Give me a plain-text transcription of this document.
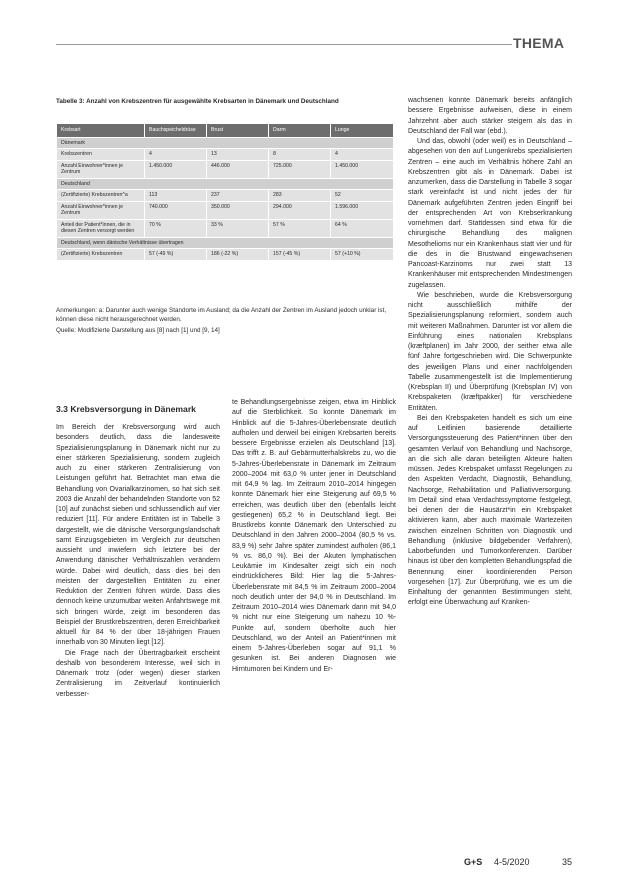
THEMA
Tabelle 3: Anzahl von Krebszentren für ausgewählte Krebsarten in Dänemark und Deutschland
Krebsart	Bauchspeicheldrüse	Brust	Darm	Lunge
Dänemark				
Krebszentren	4	13	8	4
Anzahl Einwohner*innen je Zentrum	1.450.000	446.000	725.000	1.450.000
Deutschland				
(Zertifizierte) Krebszentren^a	113	237	283	52
Anzahl Einwohner*innen je Zentrum	740.000	350.000	294.000	1.596.000
Anteil der Patient*innen, die in diesen Zentren versorgt werden	70 %	33 %	57 %	64 %
Deutschland, wenn dänische Verhältnisse übertragen				
(Zertifizierte) Krebszentren	57 (-49 %)	186 (-22 %)	157 (-45 %)	57 (+10 %)
Anmerkungen: a: Darunter auch wenige Standorte im Ausland; da die Anzahl der Zentren im Ausland jedoch unklar ist, können diese nicht herausgerechnet werden.
Quelle: Modifizierte Darstellung aus [8] nach [1] und [9, 14]
3.3 Krebsversorgung in Dänemark

Im Bereich der Krebsversorgung wird auch besonders deutlich, dass die landesweite Spezialisierungsplanung in Dänemark nicht nur zu einer stärkeren Spezialisierung, sondern zugleich auch zu einer stärkeren Zentralisierung von Leistungen geführt hat. Betrachtet man etwa die Behandlung von Ovarialkarzinomen, so hat sich seit 2003 die Anzahl der behandelnden Standorte von 52 [10] auf zunächst sieben und schlussendlich auf vier reduziert [11]. Für andere Entitäten ist in Tabelle 3 dargestellt, wie die dänische Versorgungslandschaft samt Einzugsgebieten im Vergleich zur deutschen aussieht und inwiefern sich letztere bei der Anwendung dänischer Verhältniszahlen verändern würde. Dabei wird deutlich, dass dies bei den meisten der dargestellten Entitäten zu einer Reduktion der Zentren führen würde. Dass dies dennoch keine unzumutbar weiten Anfahrtswege mit sich bringen würde, zeigt im besonderen das Beispiel der Brustkrebszentren, deren Erreichbarkeit aktuell für 84 % der über 18-jährigen Frauen innerhalb von 30 Minuten liegt [12].

Die Frage nach der Übertragbarkeit erscheint deshalb von besonderem Interesse, weil sich in Dänemark trotz (oder wegen) dieser starken Zentralisierung im Zeitverlauf kontinuierlich verbesser-

te Behandlungsergebnisse zeigen, etwa im Hinblick auf die Sterblichkeit. So konnte Dänemark im Hinblick auf die 5-Jahres-Überlebensrate deutlich aufholen und derweil bei einigen Krebsarten bereits bessere Ergebnisse erzielen als Deutschland [13]. Das trifft z. B. auf Gebärmutterhalskrebs zu, wo die 5-Jahres-Überlebensrate in Dänemark im Zeitraum 2000–2004 mit 63,0 % unter jener in Deutschland mit 64,9 % lag. Im Zeitraum 2010–2014 hingegen konnte Dänemark hier eine Steigerung auf 69,5 % erreichen, was deutlich über den (ebenfalls leicht gestiegenen) 65,2 % in Deutschland liegt. Bei Brustkrebs konnte Dänemark den Unterschied zu Deutschland in den Jahren 2000–2004 (80,5 % vs. 83,9 %) sehr Jahre später zumindest aufholen (86,1 % vs. 86,0 %). Bei der Akuten lymphatischen Leukämie im Kindesalter zeigt sich ein noch eindrücklicheres Bild: Hier lag die 5-Jahres-Überlebensrate mit 84,5 % im Zeitraum 2000–2004 noch deutlich unter der 94,0 % in Deutschland. Im Zeitraum 2010–2014 wies Dänemark dann mit 94,0 % nicht nur eine Steigerung um nahezu 10 %-Punkte auf, sondern überholte auch hier Deutschland, wo der Anteil an Patient*innen mit einem 5-Jahres-Überleben sogar auf 91,1 % gesunken ist. Bei anderen Diagnosen wie Hirntumoren bei Kindern und Er-

wachsenen konnte Dänemark bereits anfänglich bessere Ergebnisse aufweisen, diese in einem Jahrzehnt aber auch stärker steigern als das in Deutschland der Fall war (ebd.).

Und das, obwohl (oder weil) es in Deutschland – abgesehen von den auf Lungenkrebs spezialisierten Zentren – eine auch im Verhältnis höhere Zahl an Krebszentren gibt als in Dänemark. Dabei ist anzumerken, dass die Darstellung in Tabelle 3 sogar stark vereinfacht ist und nicht jedes der für Dänemark aufgeführten Zentren jeden Eingriff bei der entsprechenden Art von Krebserkrankung vornehmen darf. Stattdessen sind etwa für die chirurgische Behandlung des malignen Mesothelioms nur ein Krankenhaus statt vier und für die des in die Brustwand eingewachsenen Pancoast-Karzinoms nur zwei statt 13 Krankenhäuser mit entsprechenden Mindestmengen zugelassen.

Wie beschrieben, wurde die Krebsversorgung nicht ausschließlich mithilfe der Spezialisierungsplanung reformiert, sondern auch mit weiteren Maßnahmen. Darunter ist vor allem die Einführung eines nationalen Krebsplans (kræftplanen) im Jahr 2000, der seither etwa alle fünf Jahre fortgeschrieben wird. Die Schwerpunkte des jeweiligen Plans und einer nachfolgenden Tabelle zusammengestellt ist die Implementierung (Krebsplan II) und Überprüfung (Krebsplan IV) von Krebspaketen (kræftpakker) für verschiedene Entitäten.

Bei den Krebspaketen handelt es sich um eine auf Leitlinien basierende detaillierte Versorgungssteuerung des Patient*innen über den gesamten Verlauf von Behandlung und Nachsorge, an die sich alle daran beteiligten Akteure halten müssen. Jedes Krebspaket umfasst Regelungen zu den Aspekten Verdacht, Diagnostik, Behandlung, Nachsorge, Rehabilitation und Palliativversorgung. Im Detail sind etwa Verdachtssymptome festgelegt, bei denen der die Hausärzt*in ein Krebspaket aktivieren kann, aber auch maximale Wartezeiten zwischen einzelnen Schritten von Diagnostik und Behandlung (inklusive bildgebender Verfahren), Laborbefunden und Tumorkonferenzen. Darüber hinaus ist über den kompletten Behandlungspfad die Benennung einer koordinierenden Person vorgesehen [17]. Zur Überprüfung, wie es um die Einhaltung der genannten Bestimmungen steht, erfolgt eine Überwachung auf Kranken-

G+S 4-5/2020	35
